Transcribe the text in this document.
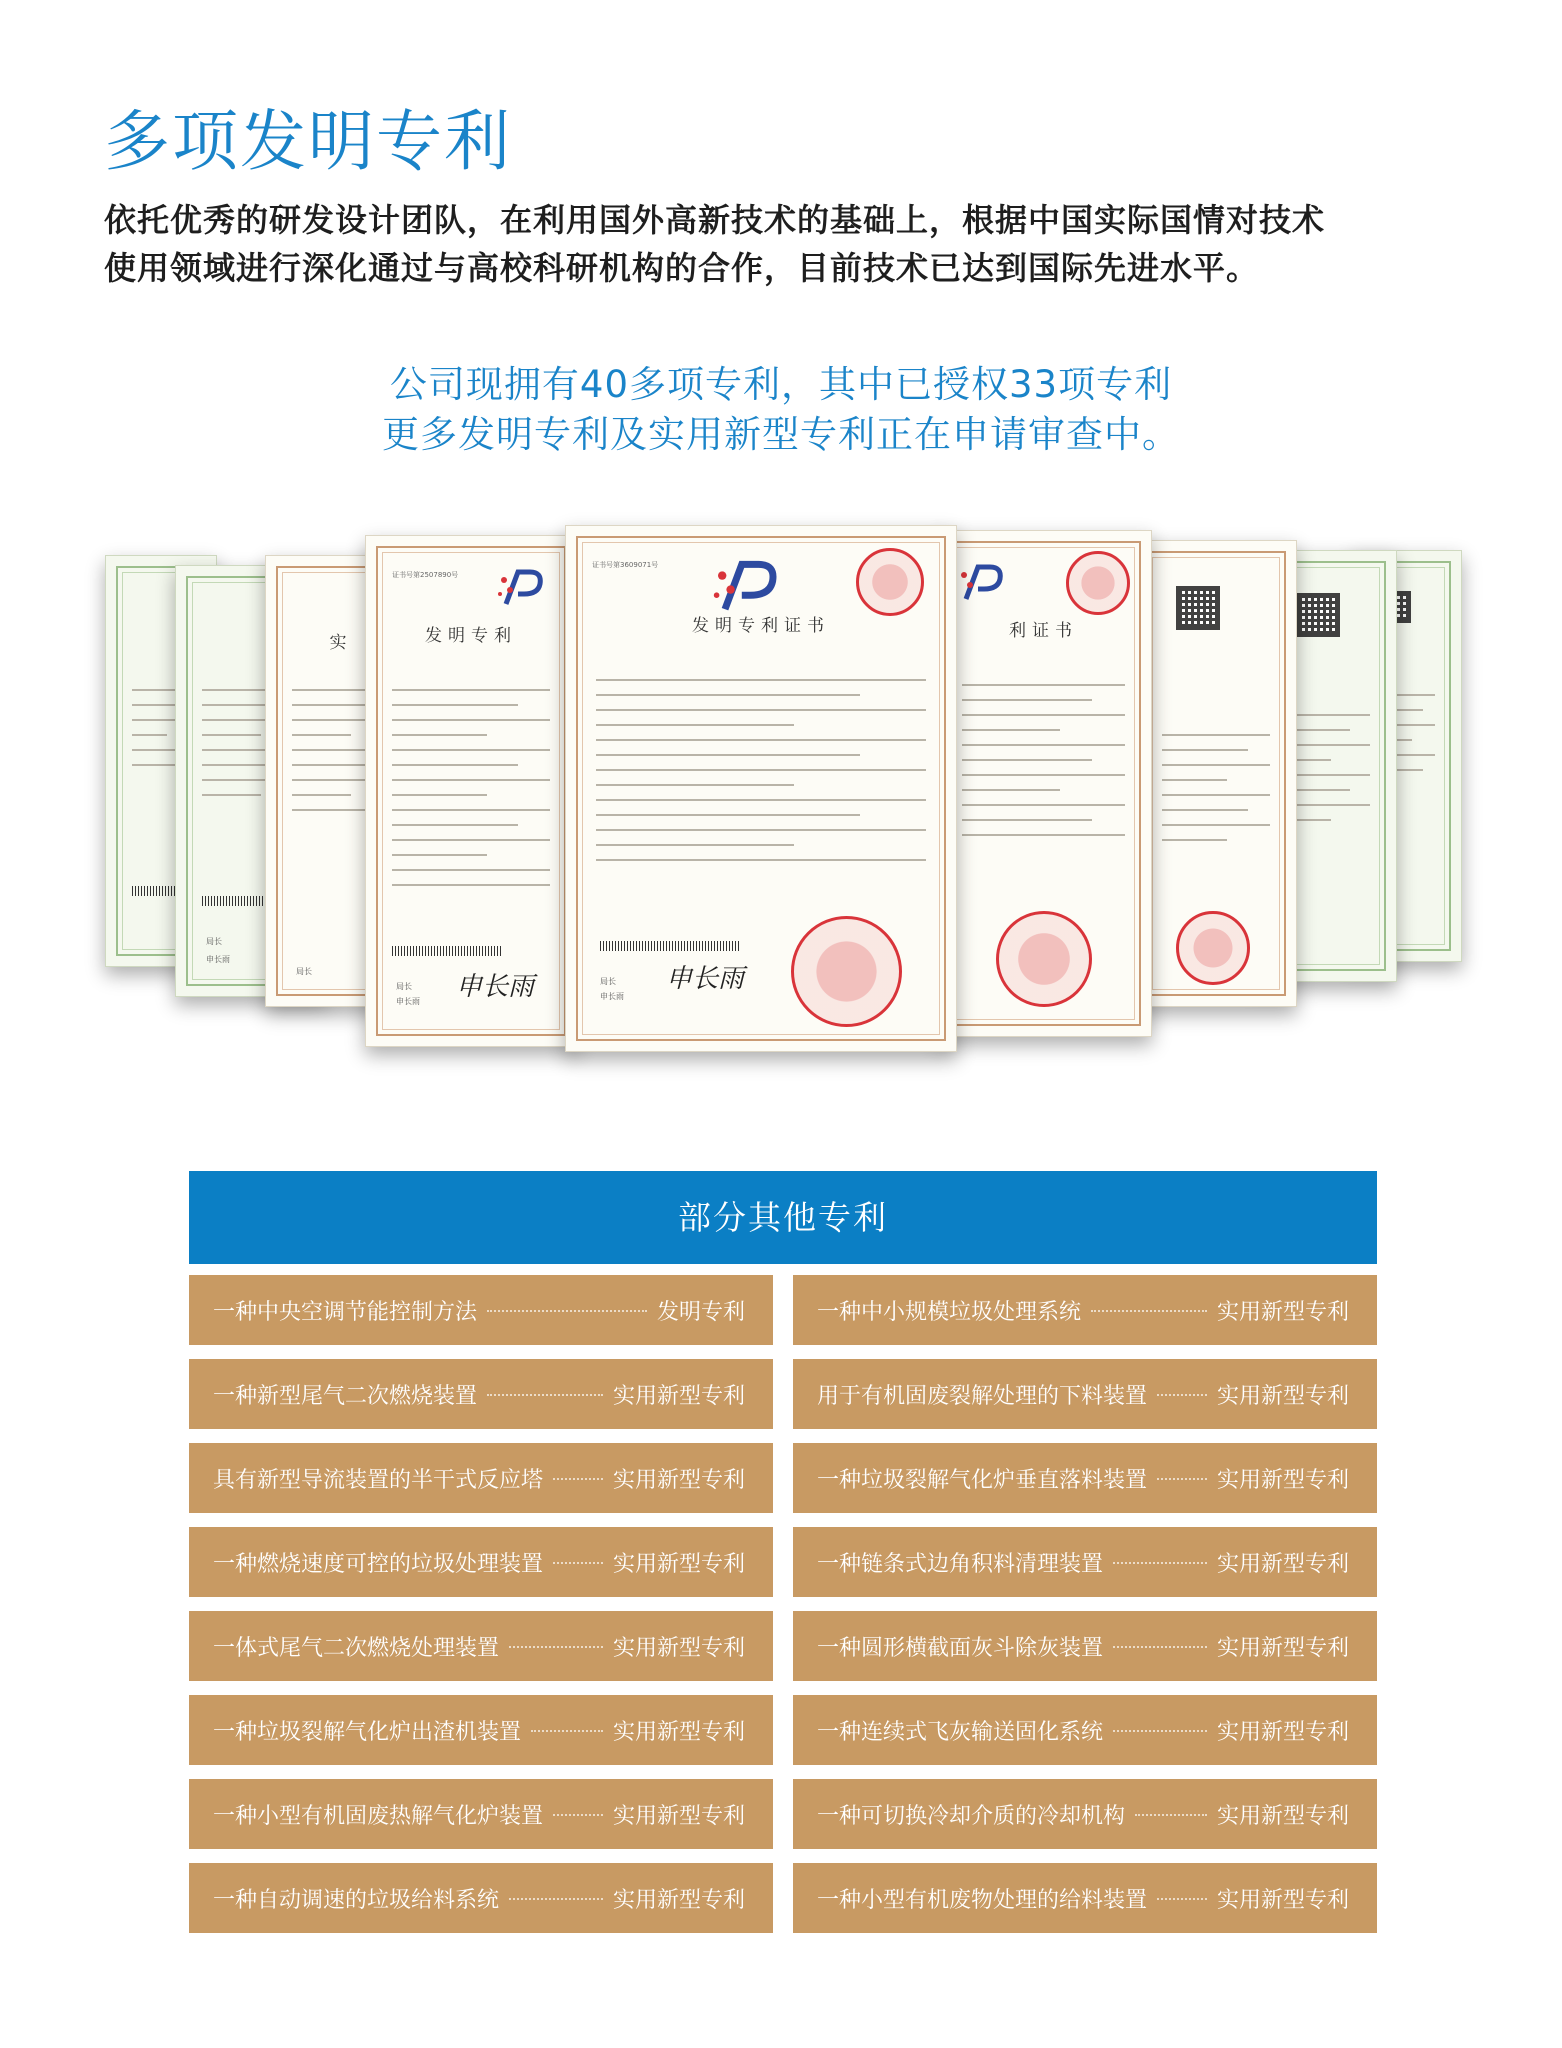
多项发明专利

依托优秀的研发设计团队，在利用国外高新技术的基础上，根据中国实际国情对技术

使用领域进行深化通过与高校科研机构的合作，目前技术已达到国际先进水平。

公司现拥有40多项专利，其中已授权33项专利

更多发明专利及实用新型专利正在申请审查中。

局长
申长雨
实
局长
证书号第2507890号
发明专利
局长
申长雨 申长雨
利证书
证书号第3609071号
发明专利证书
局长
申长雨
申长雨
部分其他专利
一种中央空调节能控制方法	发明专利	一种中小规模垃圾处理系统	实用新型专利
一种新型尾气二次燃烧装置	实用新型专利	用于有机固废裂解处理的下料装置	实用新型专利
具有新型导流装置的半干式反应塔	实用新型专利	一种垃圾裂解气化炉垂直落料装置	实用新型专利
一种燃烧速度可控的垃圾处理装置	实用新型专利	一种链条式边角积料清理装置	实用新型专利
一体式尾气二次燃烧处理装置	实用新型专利	一种圆形横截面灰斗除灰装置	实用新型专利
一种垃圾裂解气化炉出渣机装置	实用新型专利	一种连续式飞灰输送固化系统	实用新型专利
一种小型有机固废热解气化炉装置	实用新型专利	一种可切换冷却介质的冷却机构	实用新型专利
一种自动调速的垃圾给料系统	实用新型专利	一种小型有机废物处理的给料装置	实用新型专利
